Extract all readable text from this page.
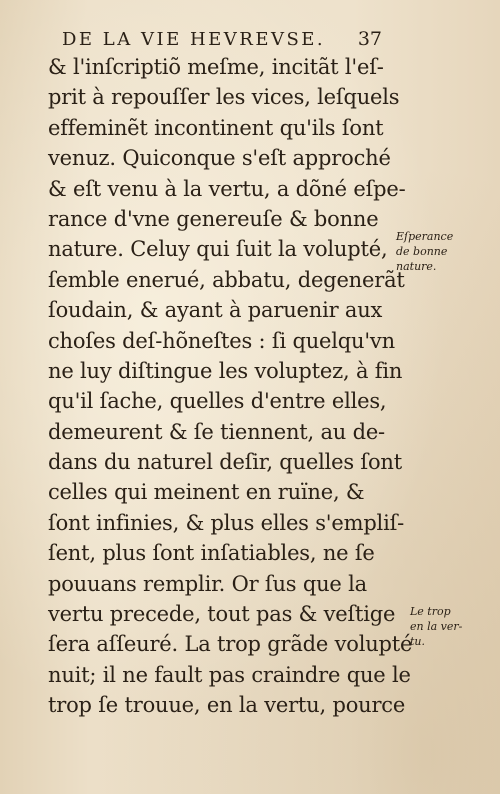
DE LA VIE HEVREVSE. 37
& l'inſcriptiõ meſme, incitãt l'eſ-
prit à repouſſer les vices, leſquels
effeminẽt incontinent qu'ils ſont
venuz. Quiconque s'eſt approché
& eſt venu à la vertu, a dõné eſpe-
rance d'vne genereuſe & bonne
nature. Celuy qui ſuit la volupté,
ſemble enerué, abbatu, degenerãt
ſoudain, & ayant à paruenir aux
choſes deſ-hõneſtes : ſi quelqu'vn
ne luy diſtingue les voluptez, à fin
qu'il ſache, quelles d'entre elles,
demeurent & ſe tiennent, au de-
dans du naturel deſir, quelles ſont
celles qui meinent en ruïne, &
ſont infinies, & plus elles s'empliſ-
ſent, plus ſont inſatiables, ne ſe
pouuans remplir. Or ſus que la
vertu precede, tout pas & veſtige
ſera aſſeuré. La trop grãde volupté
nuit; il ne fault pas craindre que le
trop ſe trouue, en la vertu, pource
Eſperance
de bonne
nature.
Le trop
en la ver-
tu.
